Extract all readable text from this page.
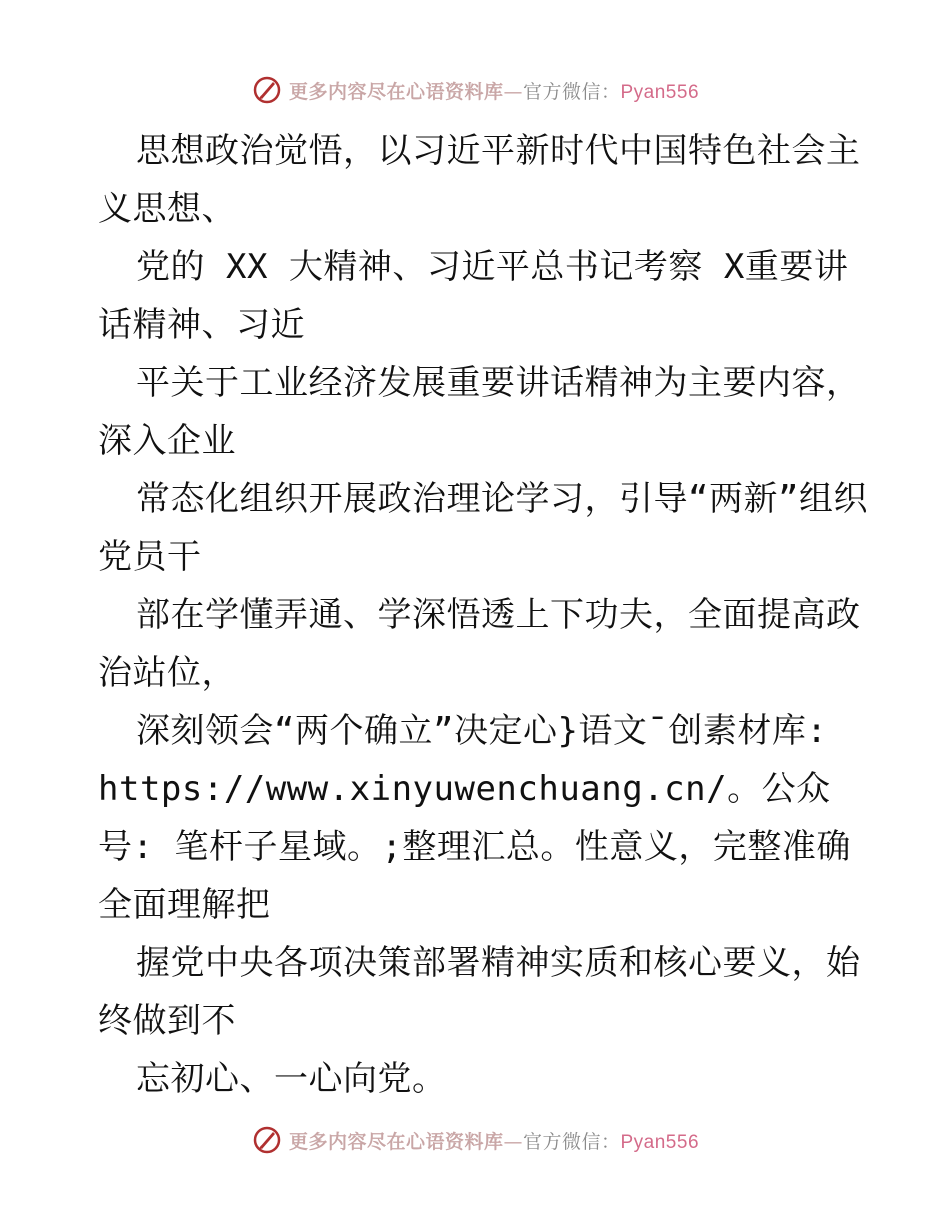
更多内容尽在心语资料库—官方微信：Pyan556

思想政治觉悟，以习近平新时代中国特色社会主义思想、

党的 XX 大精神、习近平总书记考察 X重要讲话精神、习近

平关于工业经济发展重要讲话精神为主要内容，深入企业

常态化组织开展政治理论学习，引导“两新”组织党员干

部在学懂弄通、学深悟透上下功夫，全面提高政治站位，

深刻领会“两个确立”决定心}语文¯创素材库: https://www.xinyuwenchuang.cn/。公众号: 笔杆子星域。;整理汇总。性意义，完整准确全面理解把

握党中央各项决策部署精神实质和核心要义，始终做到不

忘初心、一心向党。

更多内容尽在心语资料库—官方微信：Pyan556
